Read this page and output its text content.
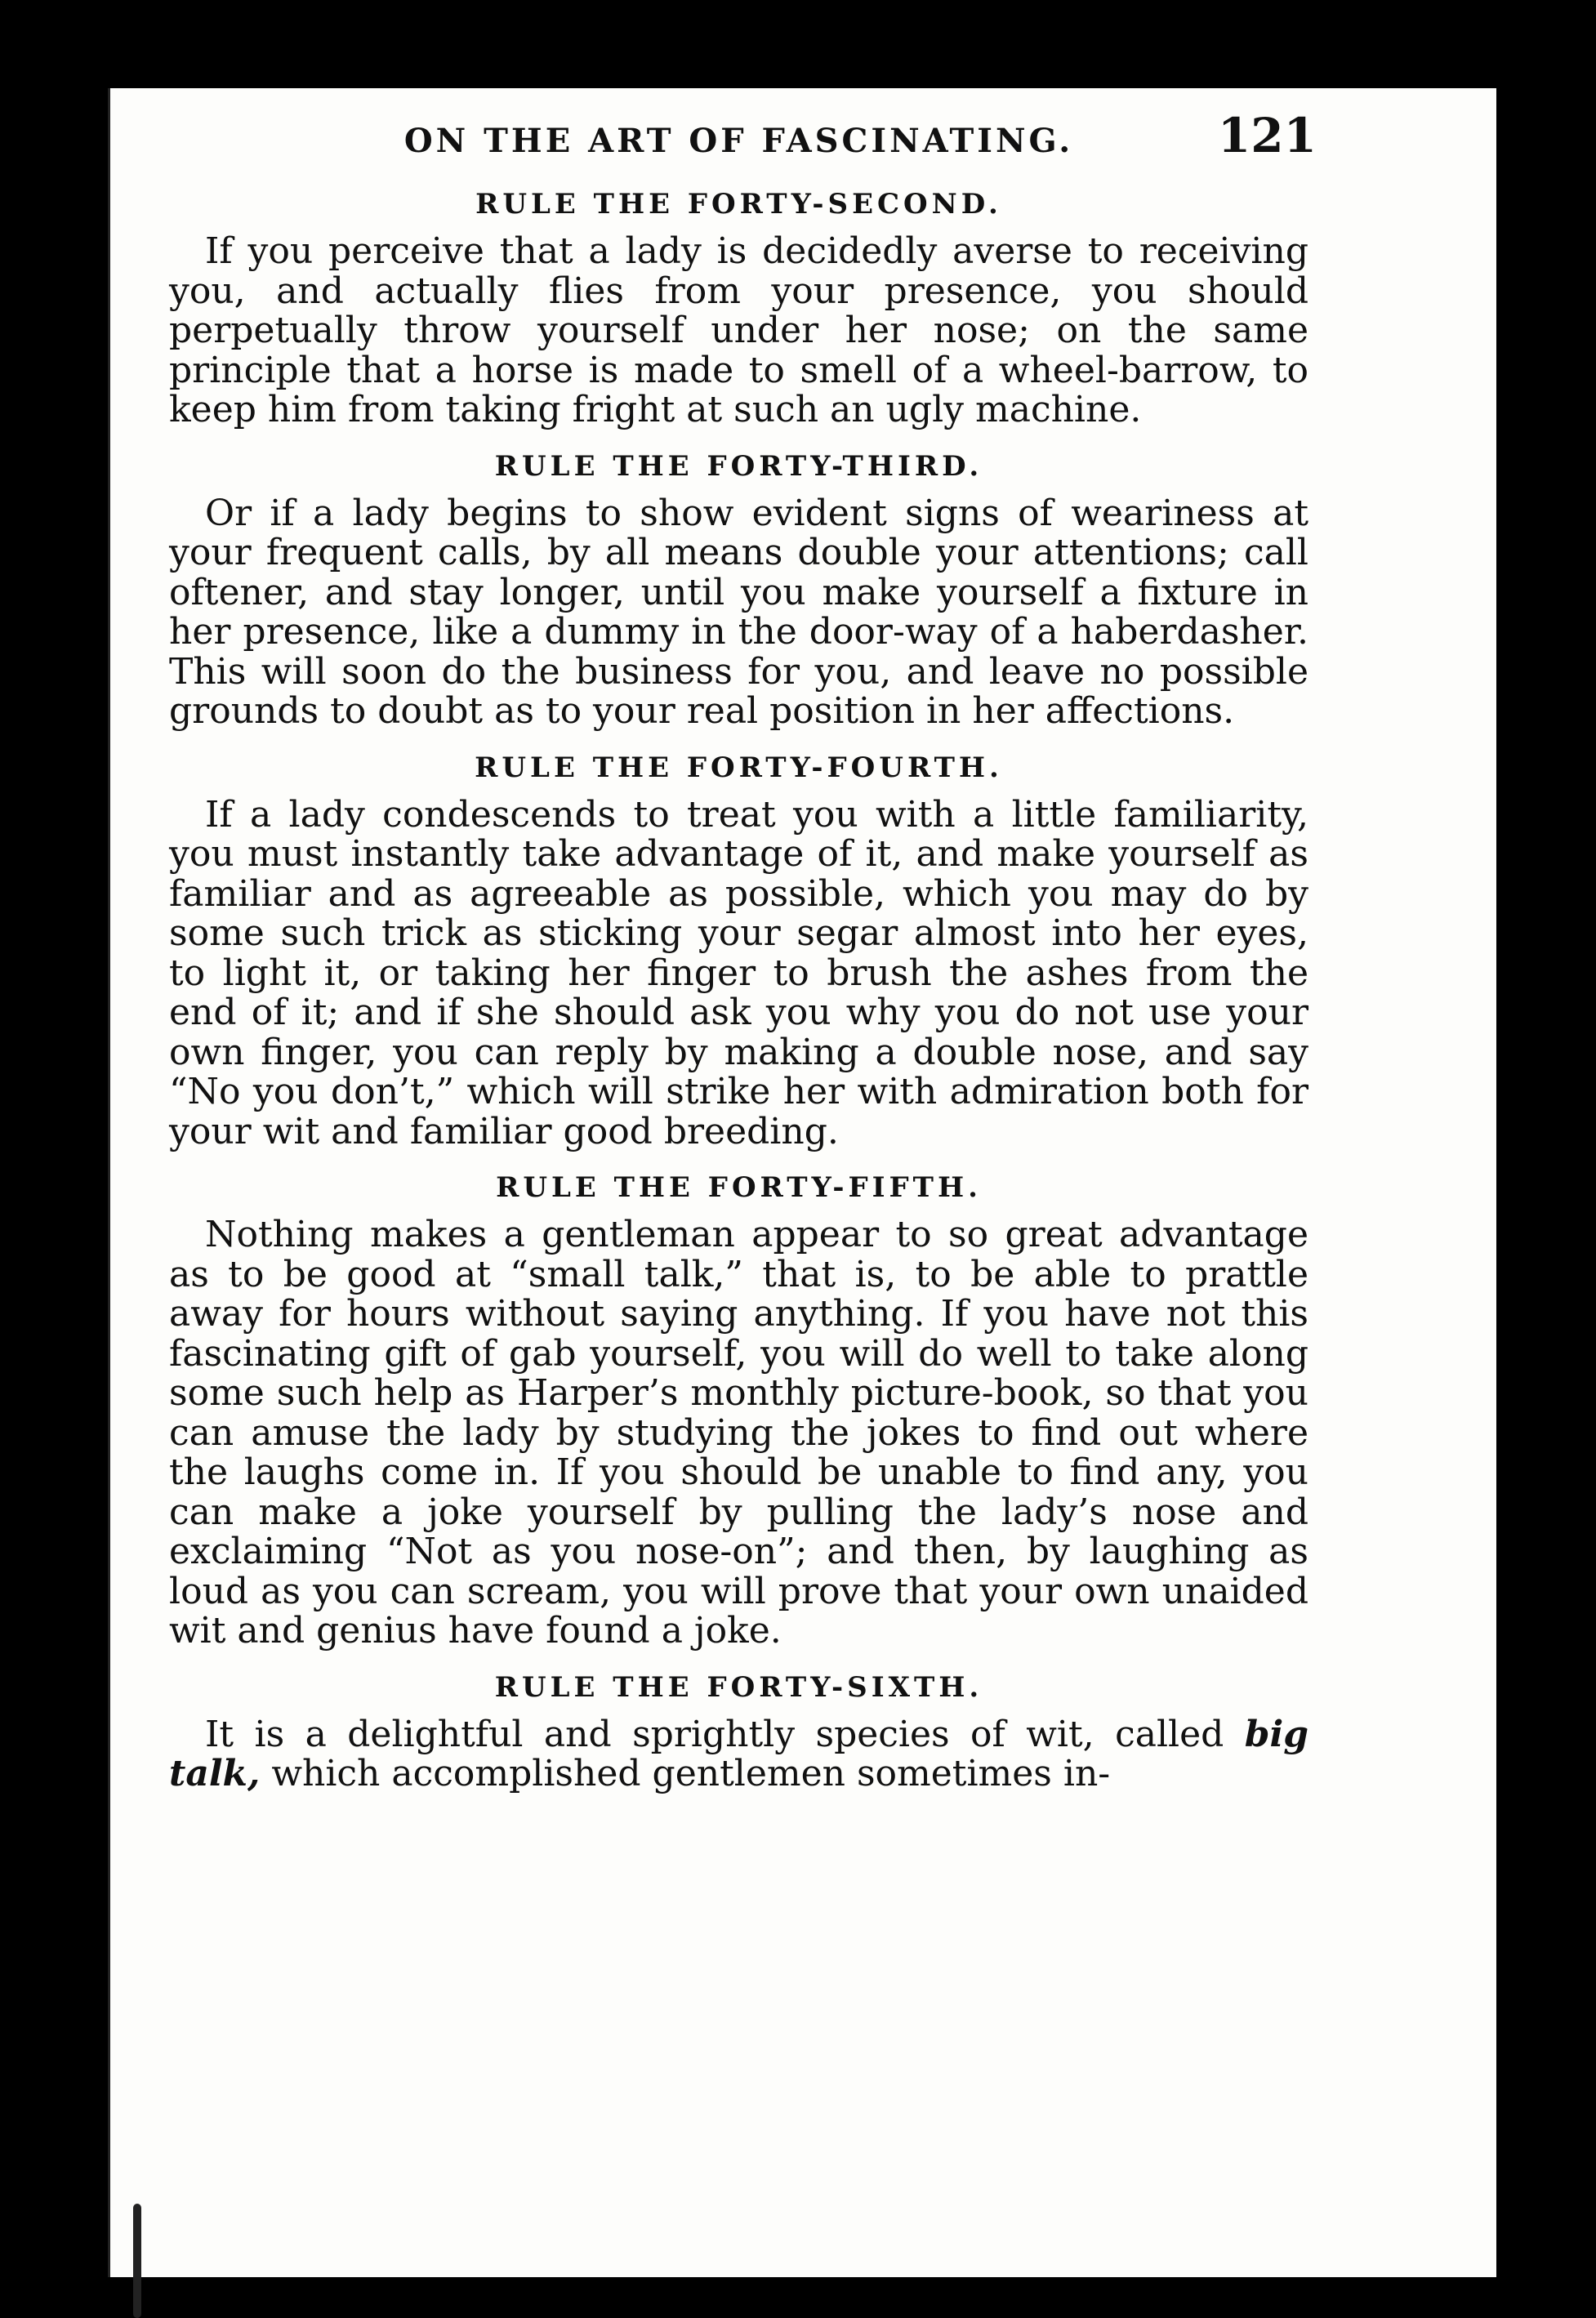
ON THE ART OF FASCINATING.	121
RULE THE FORTY-SECOND.

If you perceive that a lady is decidedly averse to receiving you, and actually flies from your presence, you should perpetually throw yourself under her nose; on the same principle that a horse is made to smell of a wheel-barrow, to keep him from taking fright at such an ugly machine.

RULE THE FORTY-THIRD.

Or if a lady begins to show evident signs of weariness at your frequent calls, by all means double your attentions; call oftener, and stay longer, until you make yourself a fixture in her presence, like a dummy in the door-way of a haberdasher. This will soon do the business for you, and leave no possible grounds to doubt as to your real position in her affections.

RULE THE FORTY-FOURTH.

If a lady condescends to treat you with a little familiarity, you must instantly take advantage of it, and make yourself as familiar and as agreeable as possible, which you may do by some such trick as sticking your segar almost into her eyes, to light it, or taking her finger to brush the ashes from the end of it; and if she should ask you why you do not use your own finger, you can reply by making a double nose, and say “No you don’t,” which will strike her with admiration both for your wit and familiar good breeding.

RULE THE FORTY-FIFTH.

Nothing makes a gentleman appear to so great advantage as to be good at “small talk,” that is, to be able to prattle away for hours without saying anything. If you have not this fascinating gift of gab yourself, you will do well to take along some such help as Harper’s monthly picture-book, so that you can amuse the lady by studying the jokes to find out where the laughs come in. If you should be unable to find any, you can make a joke yourself by pulling the lady’s nose and exclaiming “Not as you nose-on”; and then, by laughing as loud as you can scream, you will prove that your own unaided wit and genius have found a joke.

RULE THE FORTY-SIXTH.

It is a delightful and sprightly species of wit, called big talk, which accomplished gentlemen sometimes in-
